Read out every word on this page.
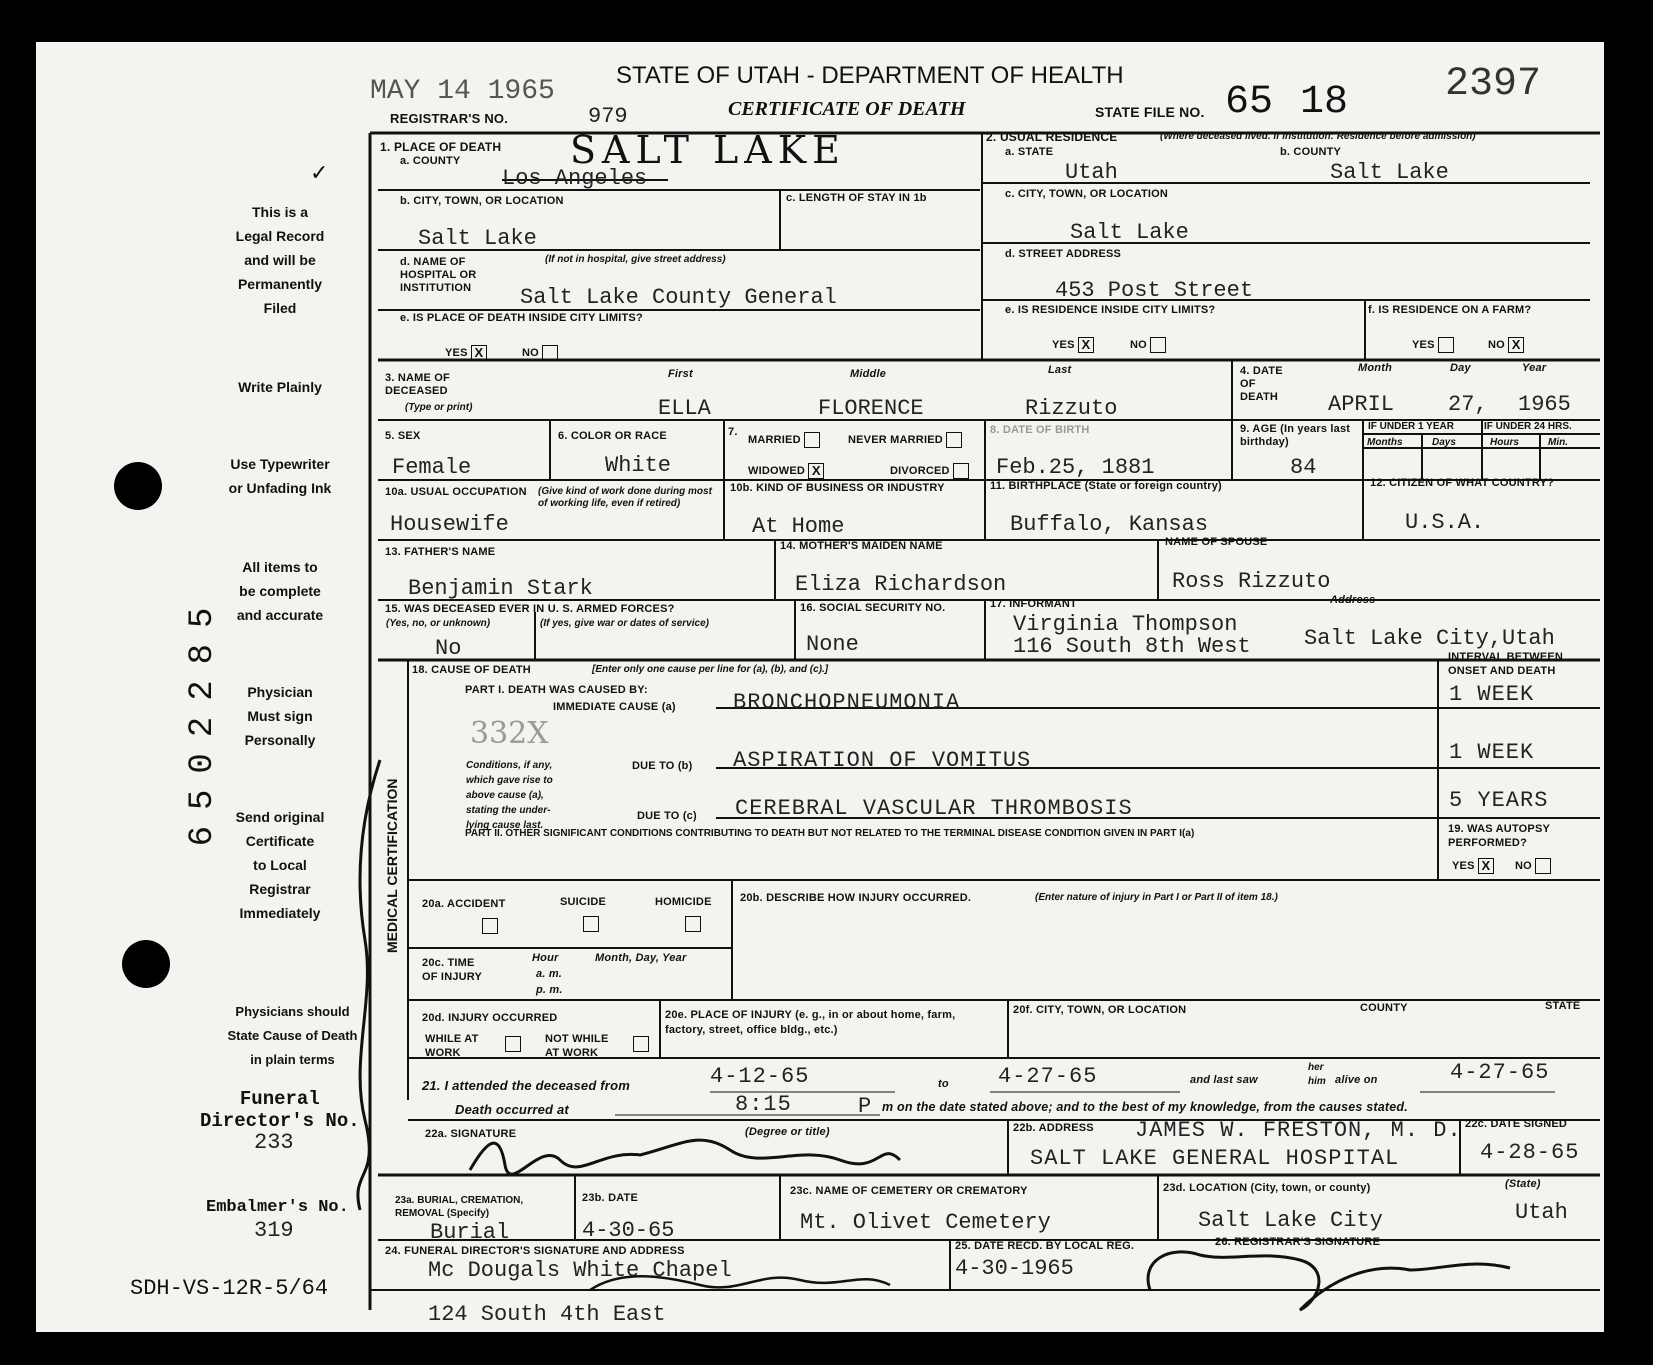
MAY 14 1965
REGISTRAR'S NO.	979
STATE OF UTAH - DEPARTMENT OF HEALTH
CERTIFICATE OF DEATH	STATE FILE NO. 65 18 2397
✓
This is a
Legal Record
and will be
Permanently
Filed
Write Plainly
Use Typewriter
or Unfading Ink
All items to
be complete
and accurate
Physician
Must sign
Personally
Send original
Certificate
to Local
Registrar
Immediately
Physicians should
State Cause of Death
in plain terms
Funeral
Director's No.
233
Embalmer's No.
319
SDH-VS-12R-5/64
6502285
1. PLACE OF DEATH
a. COUNTY	SALT LAKE
Los Angeles
b. CITY, TOWN, OR LOCATION
Salt Lake
c. LENGTH OF STAY IN 1b
d. NAME OF HOSPITAL OR INSTITUTION
(If not in hospital, give street address)
Salt Lake County General
e. IS PLACE OF DEATH INSIDE CITY LIMITS?
YES X	NO
2. USUAL RESIDENCE	(Where deceased lived. If institution: Residence before admission)
a. STATE
Utah
b. COUNTY
Salt Lake
c. CITY, TOWN, OR LOCATION
Salt Lake
d. STREET ADDRESS
453 Post Street
e. IS RESIDENCE INSIDE CITY LIMITS?
YES X	NO
f. IS RESIDENCE ON A FARM?
YES	NO X
3. NAME OF DECEASED
(Type or print)
First	Middle	Last
ELLA	FLORENCE	Rizzuto
4. DATE OF DEATH
Month	Day	Year
APRIL 27, 1965
5. SEX
Female
6. COLOR OR RACE
White
7.
MARRIED	NEVER MARRIED
WIDOWED X	DIVORCED
8. DATE OF BIRTH
Feb.25, 1881
9. AGE (In years last birthday)
84
IF UNDER 1 YEAR	IF UNDER 24 HRS.
Months	Days	Hours	Min.
10a. USUAL OCCUPATION (Give kind of work done during most of working life, even if retired)
Housewife
10b. KIND OF BUSINESS OR INDUSTRY
At Home
11. BIRTHPLACE (State or foreign country)
Buffalo, Kansas
12. CITIZEN OF WHAT COUNTRY?
U.S.A.
13. FATHER'S NAME
Benjamin Stark
14. MOTHER'S MAIDEN NAME
Eliza Richardson
NAME OF SPOUSE
Ross Rizzuto
15. WAS DECEASED EVER IN U. S. ARMED FORCES?
(Yes, no, or unknown)	(If yes, give war or dates of service)
No
16. SOCIAL SECURITY NO.
None
17. INFORMANT	Address
Virginia Thompson
116 South 8th West Salt Lake City,Utah
MEDICAL CERTIFICATION
18. CAUSE OF DEATH	[Enter only one cause per line for (a), (b), and (c).]
PART I. DEATH WAS CAUSED BY:
IMMEDIATE CAUSE (a)	BRONCHOPNEUMONIA
332X
Conditions, if any,
which gave rise to
above cause (a),
stating the under-
lying cause last.
DUE TO (b) ASPIRATION OF VOMITUS
DUE TO (c) CEREBRAL VASCULAR THROMBOSIS
INTERVAL BETWEEN ONSET AND DEATH
1 WEEK
1 WEEK
5 YEARS
PART II. OTHER SIGNIFICANT CONDITIONS CONTRIBUTING TO DEATH BUT NOT RELATED TO THE TERMINAL DISEASE CONDITION GIVEN IN PART I(a)	19. WAS AUTOPSY PERFORMED?
YES X	NO
20a. ACCIDENT	SUICIDE	HOMICIDE	20b. DESCRIBE HOW INJURY OCCURRED.	(Enter nature of injury in Part I or Part II of item 18.)
20c. TIME OF INJURY
Hour
a. m.
p. m.
Month, Day, Year
20d. INJURY OCCURRED
WHILE AT WORK
NOT WHILE AT WORK
20e. PLACE OF INJURY (e. g., in or about home, farm, factory, street, office bldg., etc.)
20f. CITY, TOWN, OR LOCATION	COUNTY	STATE
21. I attended the deceased from	4-12-65	to 4-27-65	and last saw
her
him alive on	4-27-65
Death occurred at	8:15	P m on the date stated above; and to the best of my knowledge, from the causes stated.
22a. SIGNATURE	(Degree or title)	22b. ADDRESS JAMES W. FRESTON, M. D.
SALT LAKE GENERAL HOSPITAL
22c. DATE SIGNED
4-28-65
23a. BURIAL, CREMATION, REMOVAL (Specify)
Burial
23b. DATE
4-30-65
23c. NAME OF CEMETERY OR CREMATORY
Mt. Olivet Cemetery
23d. LOCATION (City, town, or county)	(State)
Salt Lake City	Utah
24. FUNERAL DIRECTOR'S SIGNATURE AND ADDRESS
Mc Dougals White Chapel
124 South 4th East
25. DATE RECD. BY LOCAL REG.
4-30-1965
26. REGISTRAR'S SIGNATURE
